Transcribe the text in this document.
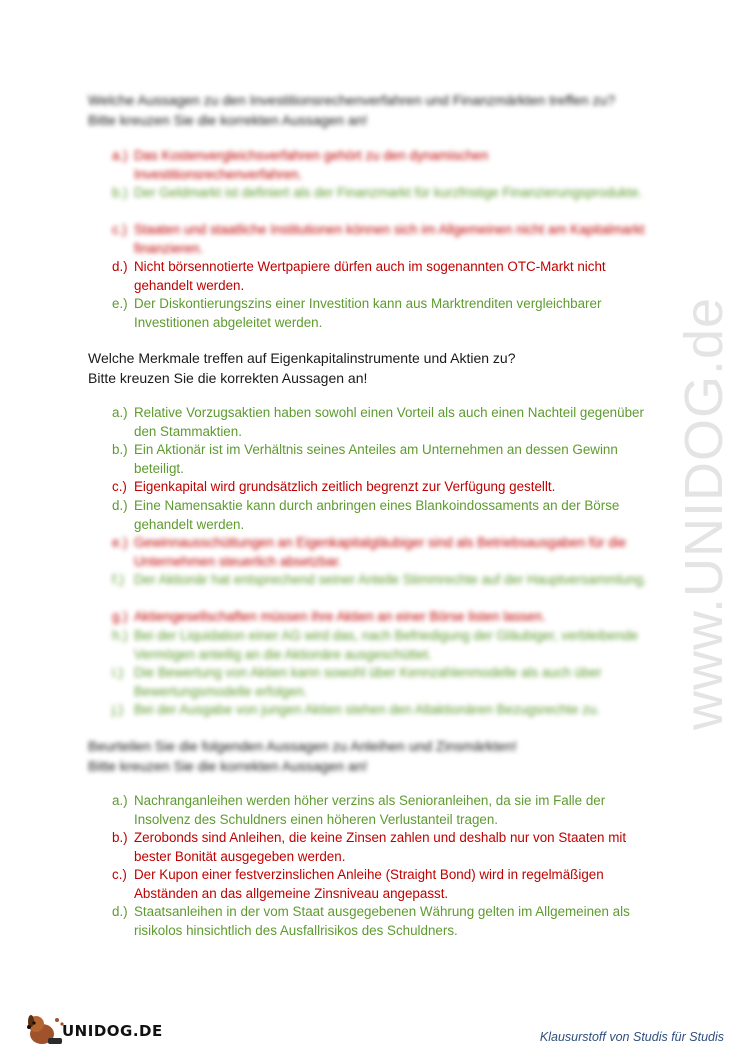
Welche Aussagen zu den Investitionsrechenverfahren und Finanzmärkten treffen zu?
Bitte kreuzen Sie die korrekten Aussagen an!
a.) Das Kostenvergleichsverfahren gehört zu den dynamischen Investitionsrechenverfahren.
b.) Der Geldmarkt ist definiert als der Finanzmarkt für kurzfristige Finanzierungsprodukte.
c.) Staaten und staatliche Institutionen können sich im Allgemeinen nicht am Kapitalmarkt finanzieren.
d.) Nicht börsennotierte Wertpapiere dürfen auch im sogenannten OTC-Markt nicht gehandelt werden.
e.) Der Diskontierungszins einer Investition kann aus Marktrenditen vergleichbarer Investitionen abgeleitet werden.
Welche Merkmale treffen auf Eigenkapitalinstrumente und Aktien zu?
Bitte kreuzen Sie die korrekten Aussagen an!
a.) Relative Vorzugsaktien haben sowohl einen Vorteil als auch einen Nachteil gegenüber den Stammaktien.
b.) Ein Aktionär ist im Verhältnis seines Anteiles am Unternehmen an dessen Gewinn beteiligt.
c.) Eigenkapital wird grundsätzlich zeitlich begrenzt zur Verfügung gestellt.
d.) Eine Namensaktie kann durch anbringen eines Blankoindossaments an der Börse gehandelt werden.
e.) Gewinnausschüttungen an Eigenkapitalgläubiger sind als Betriebsausgaben für die Unternehmen steuerlich absetzbar.
f.) Der Aktionär hat entsprechend seiner Anteile Stimmrechte auf der Hauptversammlung.
g.) Aktiengesellschaften müssen ihre Aktien an einer Börse listen lassen.
h.) Bei der Liquidation einer AG wird das, nach Befriedigung der Gläubiger, verbleibende Vermögen anteilig an die Aktionäre ausgeschüttet.
i.) Die Bewertung von Aktien kann sowohl über Kennzahlenmodelle als auch über Bewertungsmodelle erfolgen.
j.) Bei der Ausgabe von jungen Aktien stehen den Altaktionären Bezugsrechte zu.
Beurteilen Sie die folgenden Aussagen zu Anleihen und Zinsmärkten!
Bitte kreuzen Sie die korrekten Aussagen an!
a.) Nachranganleihen werden höher verzins als Senioranleihen, da sie im Falle der Insolvenz des Schuldners einen höheren Verlustanteil tragen.
b.) Zerobonds sind Anleihen, die keine Zinsen zahlen und deshalb nur von Staaten mit bester Bonität ausgegeben werden.
c.) Der Kupon einer festverzinslichen Anleihe (Straight Bond) wird in regelmäßigen Abständen an das allgemeine Zinsniveau angepasst.
d.) Staatsanleihen in der vom Staat ausgegebenen Währung gelten im Allgemeinen als risikolos hinsichtlich des Ausfallrisikos des Schuldners.
www.UNIDOG.de
UNIDOG.DE	Klausurstoff von Studis für Studis
